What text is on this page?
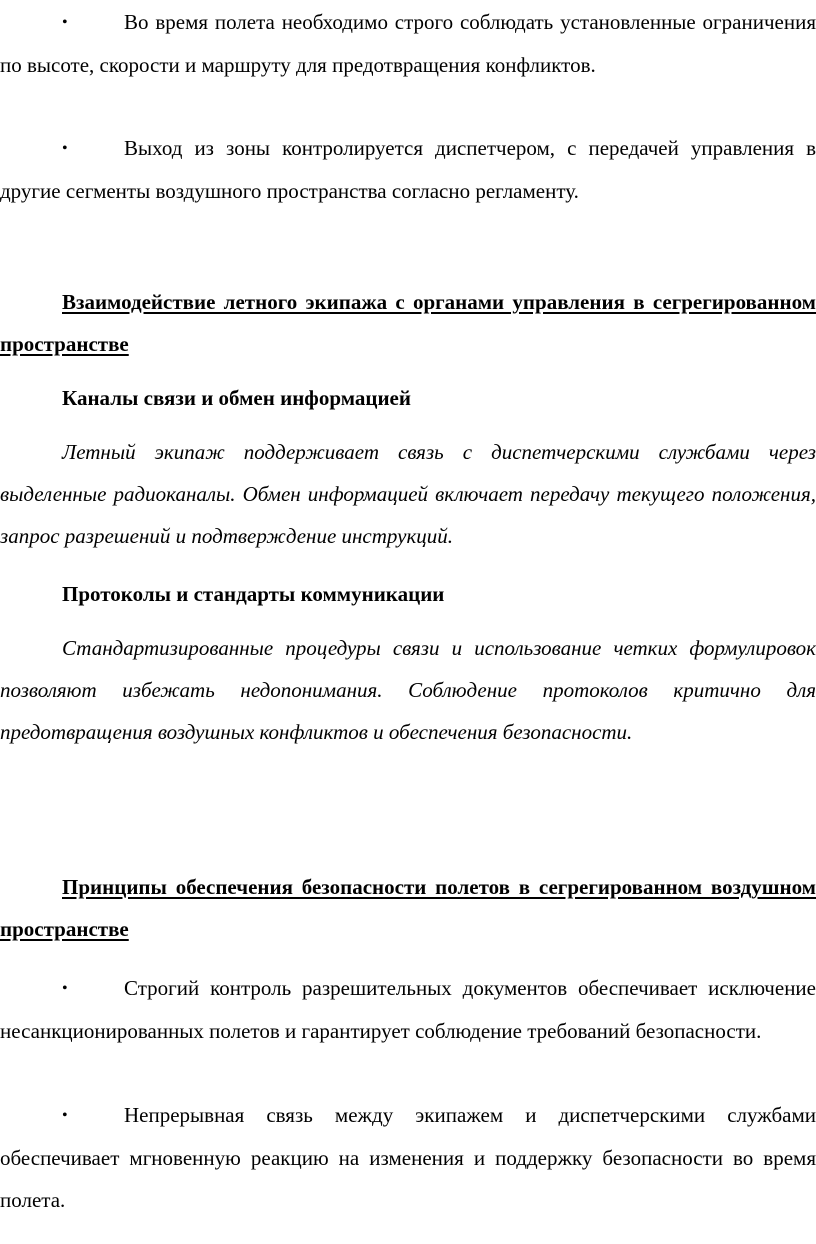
•	Во время полета необходимо строго соблюдать установленные ограничения по высоте, скорости и маршруту для предотвращения конфликтов.

•	Выход из зоны контролируется диспетчером, с передачей управления в другие сегменты воздушного пространства согласно регламенту.

Взаимодействие летного экипажа с органами управления в сегрегированном пространстве

Каналы связи и обмен информацией

Летный экипаж поддерживает связь с диспетчерскими службами через выделенные радиоканалы. Обмен информацией включает передачу текущего положения, запрос разрешений и подтверждение инструкций.

Протоколы и стандарты коммуникации

Стандартизированные процедуры связи и использование четких формулировок позволяют избежать недопонимания. Соблюдение протоколов критично для предотвращения воздушных конфликтов и обеспечения безопасности.

Принципы обеспечения безопасности полетов в сегрегированном воздушном пространстве

•	Строгий контроль разрешительных документов обеспечивает исключение несанкционированных полетов и гарантирует соблюдение требований безопасности.

•	Непрерывная связь между экипажем и диспетчерскими службами обеспечивает мгновенную реакцию на изменения и поддержку безопасности во время полета.
